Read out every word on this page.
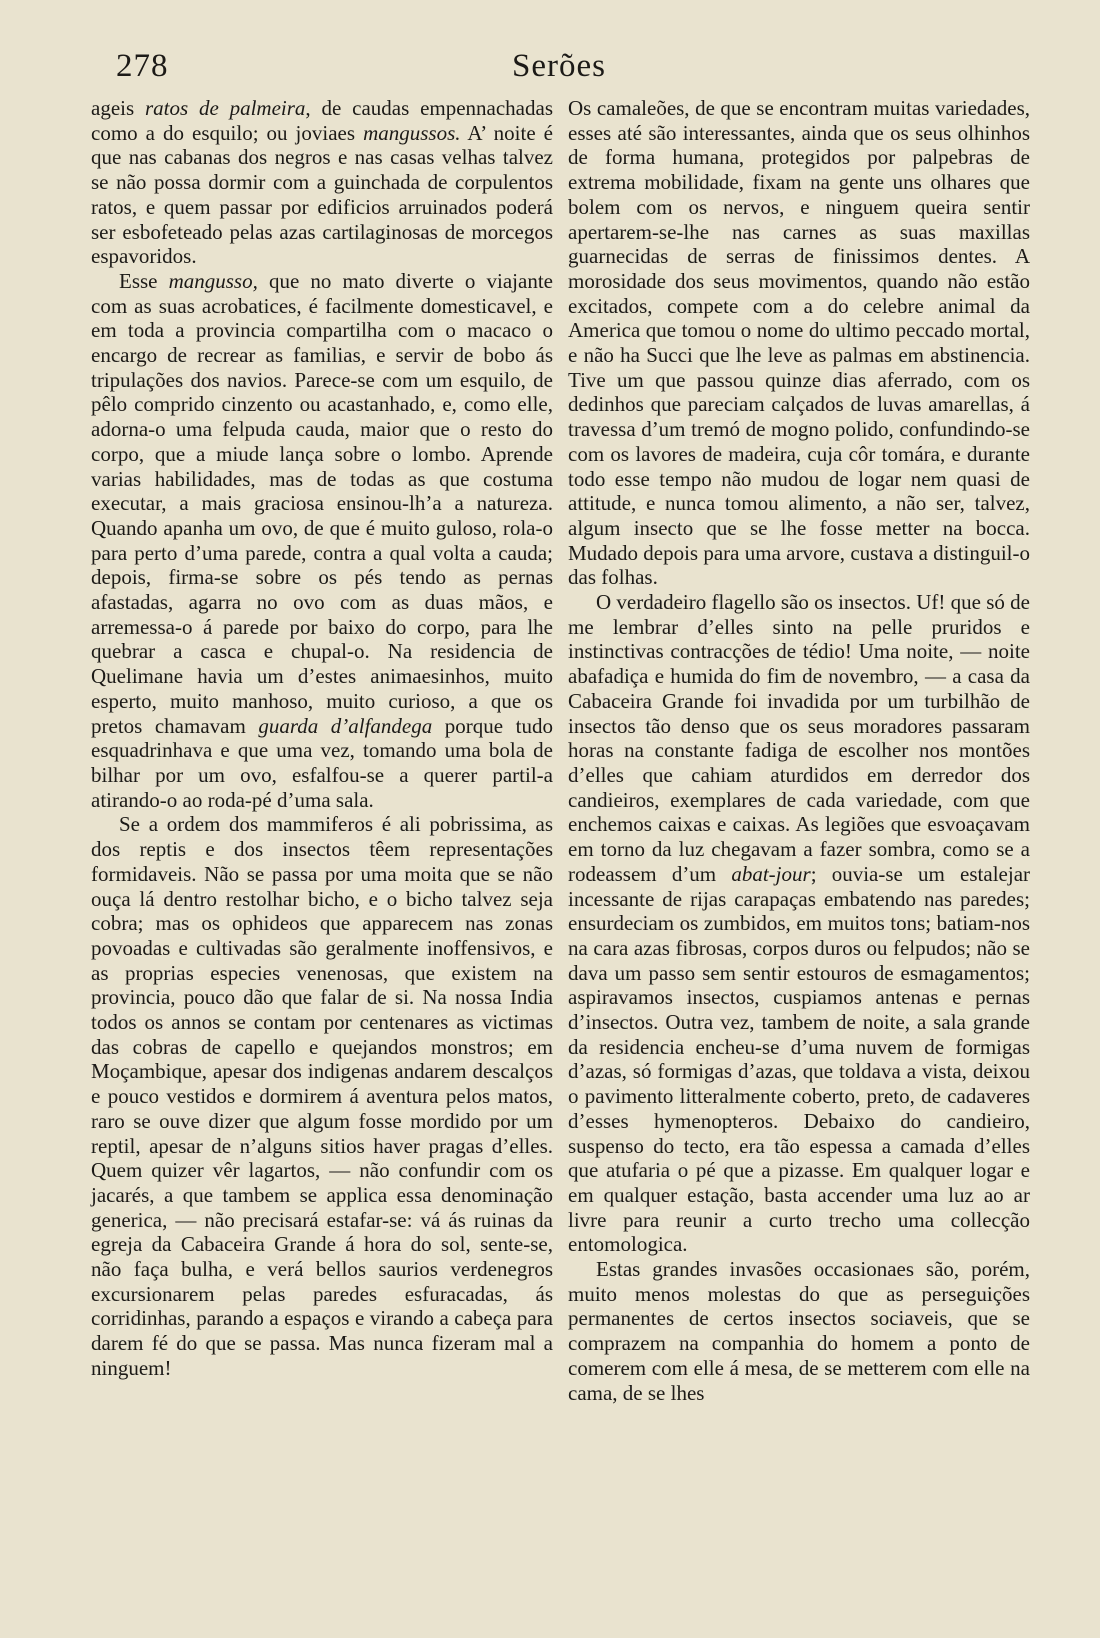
278	Serões

ageis ratos de palmeira, de caudas empennachadas como a do esquilo; ou joviaes mangussos. A’ noite é que nas cabanas dos negros e nas casas velhas talvez se não possa dormir com a guinchada de corpulentos ratos, e quem passar por edificios arruinados poderá ser esbofeteado pelas azas cartilaginosas de morcegos espavoridos.

Esse mangusso, que no mato diverte o viajante com as suas acrobatices, é facilmente domesticavel, e em toda a provincia compartilha com o macaco o encargo de recrear as familias, e servir de bobo ás tripulações dos navios. Parece-se com um esquilo, de pêlo comprido cinzento ou acastanhado, e, como elle, adorna-o uma felpuda cauda, maior que o resto do corpo, que a miude lança sobre o lombo. Aprende varias habilidades, mas de todas as que costuma executar, a mais graciosa ensinou-lh’a a natureza. Quando apanha um ovo, de que é muito guloso, rola-o para perto d’uma parede, contra a qual volta a cauda; depois, firma-se sobre os pés tendo as pernas afastadas, agarra no ovo com as duas mãos, e arremessa-o á parede por baixo do corpo, para lhe quebrar a casca e chupal-o. Na residencia de Quelimane havia um d’estes animaesinhos, muito esperto, muito manhoso, muito curioso, a que os pretos chamavam guarda d’alfandega porque tudo esquadrinhava e que uma vez, tomando uma bola de bilhar por um ovo, esfalfou-se a querer partil-a atirando-o ao roda-pé d’uma sala.

Se a ordem dos mammiferos é ali pobrissima, as dos reptis e dos insectos têem representações formidaveis. Não se passa por uma moita que se não ouça lá dentro restolhar bicho, e o bicho talvez seja cobra; mas os ophideos que apparecem nas zonas povoadas e cultivadas são geralmente inoffensivos, e as proprias especies venenosas, que existem na provincia, pouco dão que falar de si. Na nossa India todos os annos se contam por centenares as victimas das cobras de capello e quejandos monstros; em Moçambique, apesar dos indigenas andarem descalços e pouco vestidos e dormirem á aventura pelos matos, raro se ouve dizer que algum fosse mordido por um reptil, apesar de n’alguns sitios haver pragas d’elles. Quem quizer vêr lagartos, — não confundir com os jacarés, a que tambem se applica essa denominação generica, — não precisará estafar-se: vá ás ruinas da egreja da Cabaceira Grande á hora do sol, sente-se, não faça bulha, e verá bellos saurios verdenegros excursionarem pelas paredes esfuracadas, ás corridinhas, parando a espaços e virando a cabeça para darem fé do que se passa. Mas nunca fizeram mal a ninguem!

Os camaleões, de que se encontram muitas variedades, esses até são interessantes, ainda que os seus olhinhos de forma humana, protegidos por palpebras de extrema mobilidade, fixam na gente uns olhares que bolem com os nervos, e ninguem queira sentir apertarem-se-lhe nas carnes as suas maxillas guarnecidas de serras de finissimos dentes. A morosidade dos seus movimentos, quando não estão excitados, compete com a do celebre animal da America que tomou o nome do ultimo peccado mortal, e não ha Succi que lhe leve as palmas em abstinencia. Tive um que passou quinze dias aferrado, com os dedinhos que pareciam calçados de luvas amarellas, á travessa d’um tremó de mogno polido, confundindo-se com os lavores de madeira, cuja côr tomára, e durante todo esse tempo não mudou de logar nem quasi de attitude, e nunca tomou alimento, a não ser, talvez, algum insecto que se lhe fosse metter na bocca. Mudado depois para uma arvore, custava a distinguil-o das folhas.

O verdadeiro flagello são os insectos. Uf! que só de me lembrar d’elles sinto na pelle pruridos e instinctivas contracções de tédio! Uma noite, — noite abafadiça e humida do fim de novembro, — a casa da Cabaceira Grande foi invadida por um turbilhão de insectos tão denso que os seus moradores passaram horas na constante fadiga de escolher nos montões d’elles que cahiam aturdidos em derredor dos candieiros, exemplares de cada variedade, com que enchemos caixas e caixas. As legiões que esvoaçavam em torno da luz chegavam a fazer sombra, como se a rodeassem d’um abat-jour; ouvia-se um estalejar incessante de rijas carapaças embatendo nas paredes; ensurdeciam os zumbidos, em muitos tons; batiam-nos na cara azas fibrosas, corpos duros ou felpudos; não se dava um passo sem sentir estouros de esmagamentos; aspiravamos insectos, cuspiamos antenas e pernas d’insectos. Outra vez, tambem de noite, a sala grande da residencia encheu-se d’uma nuvem de formigas d’azas, só formigas d’azas, que toldava a vista, deixou o pavimento litteralmente coberto, preto, de cadaveres d’esses hymenopteros. Debaixo do candieiro, suspenso do tecto, era tão espessa a camada d’elles que atufaria o pé que a pizasse. Em qualquer logar e em qualquer estação, basta accender uma luz ao ar livre para reunir a curto trecho uma collecção entomologica.

Estas grandes invasões occasionaes são, porém, muito menos molestas do que as perseguições permanentes de certos insectos sociaveis, que se comprazem na companhia do homem a ponto de comerem com elle á mesa, de se metterem com elle na cama, de se lhes
